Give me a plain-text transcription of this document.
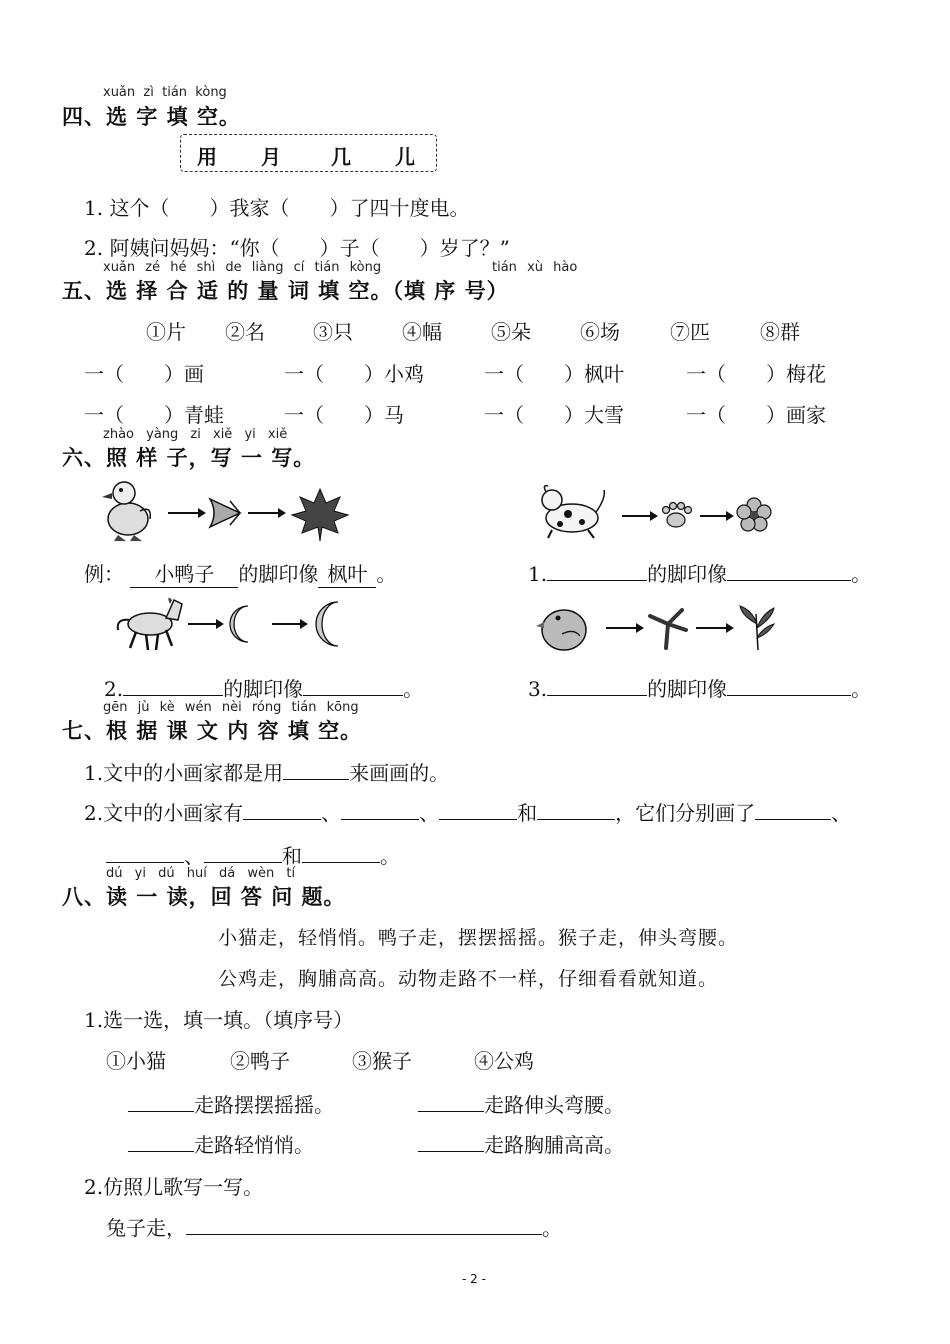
xuǎn zì tián kòng
四、选 字 填 空。
用 月	几 儿
1. 这个（　　）我家（　　）了四十度电。
2. 阿姨问妈妈：“你（　　）子（　　）岁了？”
xuǎn zé hé shì de liàng cí tián kòng	tián xù hào
五、选 择 合 适 的 量 词 填 空。（填 序 号）
①片 ②名 ③只 ④幅 ⑤朵 ⑥场	⑦匹	⑧群
一（　　）画	一（　　）小鸡	一（　　）枫叶	一（　　）梅花
一（　　）青蛙	一（　　）马	一（　　）大雪	一（　　）画家
zhào yàng zi xiě yi xiě
六、照 样 子，写 一 写。
例： 小鸭子 的脚印像 枫叶 。	1.	的脚印像	。
2.	的脚印像	。	3.	的脚印像	。
gēn jù kè wén nèi róng tián kōng
七、根 据 课 文 内 容 填 空。
1.文中的小画家都是用	来画画的。
2.文中的小画家有	、	、	和	，它们分别画了	、
、	和	。
dú yi dú huí dá wèn tí
八、读 一 读，回 答 问 题。
小猫走，轻悄悄。鸭子走，摆摆摇摇。猴子走，伸头弯腰。
公鸡走，胸脯高高。动物走路不一样，仔细看看就知道。
1.选一选，填一填。（填序号）
①小猫	②鸭子	③猴子	④公鸡
走路摆摆摇摇。	走路伸头弯腰。
走路轻悄悄。	走路胸脯高高。
2.仿照儿歌写一写。
兔子走，	。
- 2 -
